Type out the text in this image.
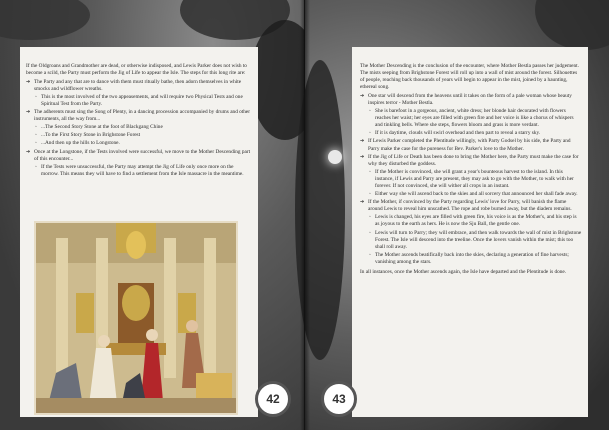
If the Oldgroans and Grandmother are dead, or otherwise indisposed, and Lewis Parker does not wish to become a scild, the Party must perform the Jig of Life to appear the Isle. The steps for this long rite are:

➔ The Party and any that are to dance with them must ritually bathe, then adorn themselves in white smocks and wildflower wreaths.
◦ This is the most involved of the two appeasements, and will require two Physical Tests and one Spiritual Test from the Party.
➔ The adherents must sing the Song of Plenty, in a dancing procession accompanied by drums and other instruments, all the way from...
◦ ...The Second Story Stone at the foot of Blackgang Chine
◦ ...To the First Story Stone in Brighstone Forest
◦ ...And then up the hills to Longstone.
➔ Once at the Longstone, if the Tests involved were successful, we move to the Mother Descending part of this encounter...
◦ If the Tests were unsuccessful, the Party may attempt the Jig of Life only once more on the morrow. This means they will have to find a settlement from the Isle massacre in the meantime.

The Mother Descending is the conclusion of the encounter, where Mother Bestla passes her judgement. The mists seeping from Brighstone Forest will roll up into a wall of mist around the forest. Silhouettes of people, reaching back thousands of years will begin to appear in the mist, joined by a haunting, ethereal song.

➔ One star will descend from the heavens until it takes on the form of a pale woman whose beauty inspires terror - Mother Bestla.
◦ She is barefoot in a gorgeous, ancient, white dress; her blonde hair decorated with flowers reaches her waist; her eyes are filled with green fire and her voice is like a chorus of whispers and tinkling bells. Where she steps, flowers bloom and grass is more verdant.
◦ If it is daytime, clouds will swirl overhead and then part to reveal a starry sky.
➔ If Lewis Parker completed the Plentitude willingly, with Party Godsel by his side, the Party and Parry make the case for the pureness for Bev. Parker's love to the Mother.
➔ If the Jig of Life or Death has been done to bring the Mother here, the Party must make the case for why they disturbed the goddess.
◦ If the Mother is convinced, she will grant a year's bounteous harvest to the island. In this instance, if Lewis and Parry are present, they may ask to go with the Mother, to walk with her forever. If not convinced, she will wither all crops in an instant.
◦ Either way she will ascend back to the skies and all sorcery that announced her shall fade away.
➔ If the Mother, if convinced by the Party regarding Lewis' love for Parry, will banish the flame around Lewis to reveal him unscathed. The rope and robe burned away, but the diadem remains.
◦ Lewis is changed, his eyes are filled with green fire, his voice is as the Mother's, and his step is as joyous to the earth as hers. He is now the Sju Ball, the gentle one.
◦ Lewis will turn to Parry; they will embrace, and then walk towards the wall of mist in Brighstone Forest. The Isle will descend into the treeline. Once the lovers vanish within the mist; this too shall roll away.
◦ The Mother ascends beatifically back into the skies, declaring a generation of fine harvests; vanishing among the stars.

In all instances, once the Mother ascends again, the Isle have departed and the Plentitude is done.

42	43
